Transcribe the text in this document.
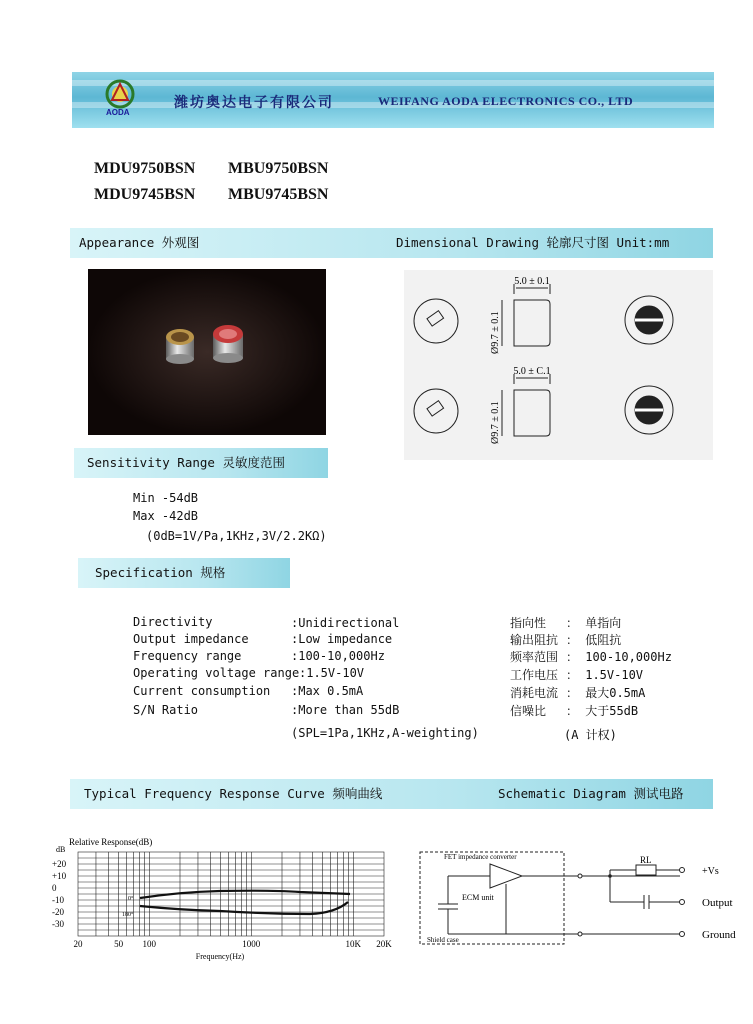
AODA
潍坊奥达电子有限公司	WEIFANG AODA ELECTRONICS CO., LTD
MDU9750BSN MBU9750BSN
MDU9745BSN MBU9745BSN
Appearance 外观图	Dimensional Drawing 轮廓尺寸图 Unit:mm
5.0 ± 0.1
5.0 ± C.1
Ø9.7 ± 0.1
Ø9.7 ± 0.1
Sensitivity Range 灵敏度范围
Min -54dB
Max -42dB
(0dB=1V/Pa,1KHz,3V/2.2KΩ)
Specification 规格
Directivity	:Unidirectional
Output impedance	:Low impedance
Frequency range	:100-10,000Hz
Operating voltage range :1.5V-10V
Current consumption :Max 0.5mA
S/N Ratio	:More than 55dB
(SPL=1Pa,1KHz,A-weighting)
指向性 ： 单指向
输出阻抗 ： 低阻抗
频率范围 ： 100-10,000Hz
工作电压 ： 1.5V-10V
消耗电流 ： 最大0.5mA
信噪比 ： 大于55dB
(A 计权)
Typical Frequency Response Curve 频响曲线	Schematic Diagram 测试电路
Relative Response(dB)
dB
+20
+10
0
-10
-20
-30
20	50 100	1000	10K 20K
Frequency(Hz)
0°
180°
FET impedance converter
ECM unit
Shield case
RL
+Vs
Output
Ground
